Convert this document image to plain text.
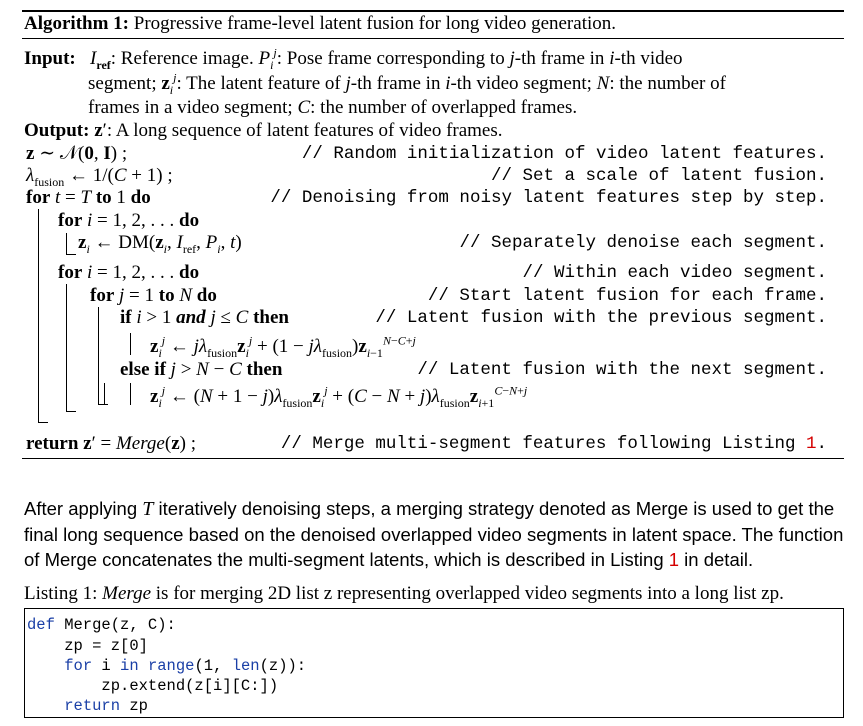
Algorithm 1: Progressive frame-level latent fusion for long video generation.
Input: $I_{ref}$: Reference image. $P_i^j$: Pose frame corresponding to j-th frame in i-th video
segment; $z_i^j$: The latent feature of j-th frame in i-th video segment; N: the number of
frames in a video segment; C: the number of overlapped frames.
Output: z′: A long sequence of latent features of video frames.
z ∼ 𝒩(0, I) ;	// Random initialization of video latent features.
$\lambda_{fusion}$ ← 1/(C + 1) ;	// Set a scale of latent fusion.
for t = T to 1 do	// Denoising from noisy latent features step by step.
for i = 1, 2, . . . do
$z_i$ ← $DM(z_i$, $I_{ref}$, $P_i$, t)	// Separately denoise each segment.
for i = 1, 2, . . . do	// Within each video segment.
for j = 1 to N do	// Start latent fusion for each frame.
if i > 1 and j ≤ C then	// Latent fusion with the previous segment.
$z_i^j$ ← $j\lambda_{fusion}z_i^j + (1 - j\lambda_{fusion})z_{i-1}^{N-C+j}$
else if j > N − C then	// Latent fusion with the next segment.
$z_i^j$ ← $(N + 1 - j)\lambda_{fusion}z_i^j + (C - N + j)\lambda_{fusion}z_{i+1}^{C-N+j}$
return z′ = Merge(z) ;	// Merge multi-segment features following Listing 1.
After applying T iteratively denoising steps, a merging strategy denoted as Merge is used to get the final long sequence based on the denoised overlapped video segments in latent space. The function of Merge concatenates the multi-segment latents, which is described in Listing 1 in detail.
Listing 1: Merge is for merging 2D list z representing overlapped video segments into a long list zp.
def Merge(z, C):
zp = z[0]
for i in range(1, len(z)):
zp.extend(z[i][C:])
return zp
